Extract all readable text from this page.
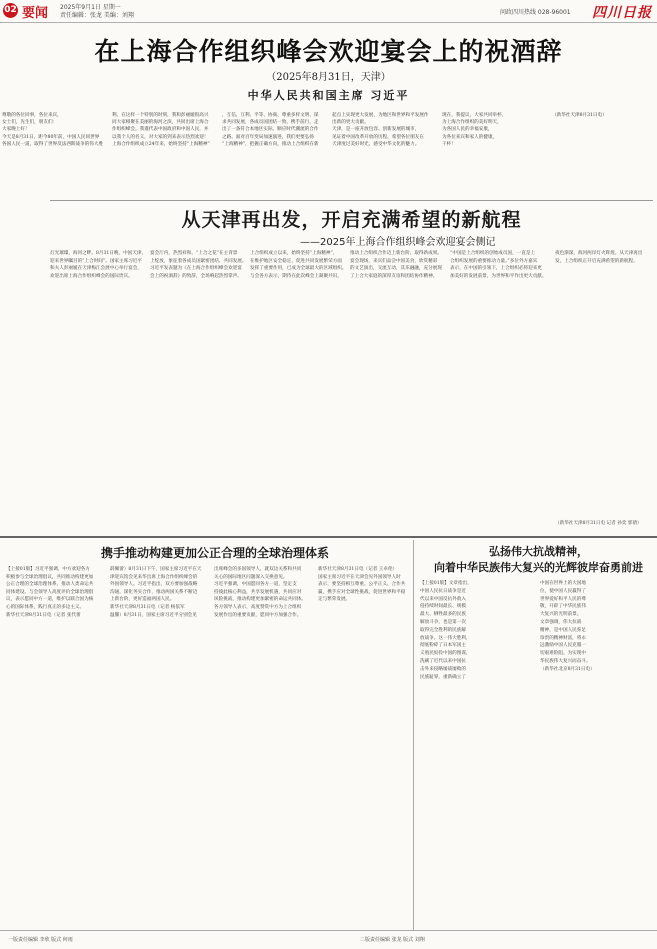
02 要闻 2025年9月1日 星期一
责任编辑：张龙 美编：刘翔	问政四川热线 028-96001 四川日报
在上海合作组织峰会欢迎宴会上的祝酒辞
（2025年8月31日，天津）
中华人民共和国主席 习近平
尊敬的各位同事，各位来宾，
女士们，先生们，朋友们：
大家晚上好！
今天是8月31日，距今80年前，中国人民同世界
各国人民一道，取得了世界反法西斯战争的伟大胜
利。在这样一个特别的时刻，我和彭丽媛很高兴
同大家相聚在美丽的海河之滨，共同出席上海合
作组织峰会。我谨代表中国政府和中国人民，并
以我个人的名义，对大家的到来表示热烈欢迎！
上海合作组织成立24年来，始终坚持“上海精神”
，互信、互利、平等、协商、尊重多样文明、谋
求共同发展，各成员国团结一致、携手前行，走
出了一条符合本地区实际、顺应时代潮流的合作
之路。面对百年变局加速演进，我们更要弘扬
“上海精神”，把握正确方向，推动上合组织在新
起点上实现更大发展，为地区和世界和平发展作
出新的更大贡献。
天津，是一座开放包容、创新发展的城市，
见证着中国改革开放的历程。希望各位朋友在
天津度过美好时光，感受中华文化的魅力。
现在，我提议，大家共同举杯，
为上海合作组织的美好明天，
为各国人民的幸福安康，
为各位来宾和家人的健康，
干杯！
（新华社天津8月31日电）
从天津再出发，开启充满希望的新航程
——2025年上海合作组织峰会欢迎宴会侧记
灯光璀璨，海河之畔。8月31日晚，中国天津，
迎来世界瞩目的“上合时间”。国家主席习近平
和夫人彭丽媛在天津梅江会展中心举行宴会，
欢迎出席上海合作组织峰会的国际贵宾。
宴会厅内，热烈祥和。“上合之花”在主背景
上绽放，象征着各成员国紧密团结、共同发展。
习近平发表题为《在上海合作组织峰会欢迎宴
会上的祝酒辞》的致辞，全场响起热烈掌声。
上合组织成立以来，始终坚持“上海精神”，
在维护地区安全稳定、促进共同发展繁荣方面
发挥了重要作用，已成为全球最大的区域组织。
与会各方表示，期待在此次峰会上凝聚共识，
推动上合组织合作迈上新台阶、取得新成果。
宴会现场，来宾们品尝中国美食，欣赏精彩
的文艺演出，交流互动，其乐融融，充分展现
了上合大家庭的深厚友谊和团结协作精神。
“中国是上合组织的创始成员国，一直是上
合组织发展的重要推动力量。”多位外方嘉宾
表示，在中国的引领下，上合组织必将迎来更
加美好的发展前景，为世界和平作出更大贡献。
夜色渐深，海河两岸灯火辉煌。从天津再出
发，上合组织正开启充满希望的新航程。
携手推动构建更加公正合理的全球治理体系	弘扬伟大抗战精神，
向着中华民族伟大复兴的光辉彼岸奋勇前进
【上接01版】习近平强调，中方欢迎各方
积极参与全球治理倡议，共同推动构建更加
公正合理的全球治理体系，推动人类命运共
同体建设。与会领导人高度评价全球治理倡
议，表示愿同中方一道，维护以联合国为核
心的国际体系，践行真正的多边主义。
新华社天津8月31日电（记者 张代蕾
薛佩蕾）8月31日下午，国家主席习近平在天
津迎宾馆会见来华出席上海合作组织峰会的
外国领导人。习近平指出，双方要加强战略
沟通，深化务实合作，推动两国关系不断迈
上新台阶，更好造福两国人民。
新华社天津8月31日电（记者 杨依军
温馨）8月31日，国家主席习近平分别会见
出席峰会的多国领导人，就双边关系和共同
关心的国际地区问题深入交换意见。
习近平强调，中国愿同各方一道，坚定支
持彼此核心利益，共享发展机遇，共同应对
风险挑战，推动构建更加紧密的命运共同体。
各方领导人表示，高度赞赏中方为上合组织
发展作出的重要贡献，愿同中方加强合作。
新华社天津8月31日电（记者 王卓伦）
国家主席习近平在天津会见外国领导人时
表示，要坚持相互尊重、公平正义、合作共
赢，携手应对全球性挑战，促进世界和平稳
定与繁荣发展。
【上接01版】文章指出，
中国人民抗日战争是近
代以来中国反抗外敌入
侵持续时间最长、规模
最大、牺牲最多的民族
解放斗争，也是第一次
取得完全胜利的民族解
放战争。这一伟大胜利，
彻底粉碎了日本军国主
义殖民奴役中国的图谋，
洗刷了近代以来中国抗
击外来侵略屡战屡败的
民族耻辱，重新确立了
中国在世界上的大国地
位，使中国人民赢得了
世界爱好和平人民的尊
敬，开辟了中华民族伟
大复兴的光明前景。
文章强调，伟大抗战
精神，是中国人民弥足
珍贵的精神财富，将永
远激励中国人民克服一
切艰难险阻、为实现中
华民族伟大复兴而奋斗。
（新华社北京8月31日电）
一版责任编辑 李欣 版式 何雨	二版责任编辑 张龙 版式 刘翔
（新华社天津8月31日电 记者 孙奕 郭倩）
